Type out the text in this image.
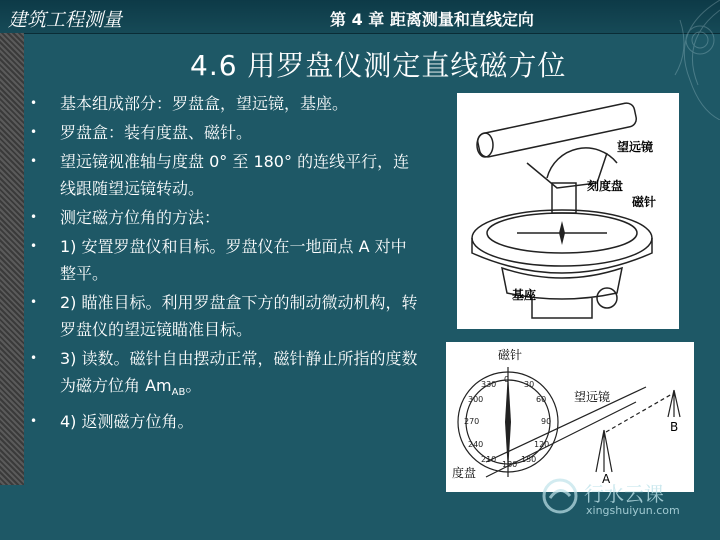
建筑工程测量	第 4 章 距离测量和直线定向
4.6 用罗盘仪测定直线磁方位
• 基本组成部分：罗盘盒，望远镜，基座。
• 罗盘盒：装有度盘、磁针。
• 望远镜视准轴与度盘 0° 至 180° 的连线平行，连线跟随望远镜转动。
• 测定磁方位角的方法：
• 1) 安置罗盘仪和目标。罗盘仪在一地面点 A 对中整平。
• 2) 瞄准目标。利用罗盘盒下方的制动微动机构，转罗盘仪的望远镜瞄准目标。
• 3) 读数。磁针自由摆动正常，磁针静止所指的度数为磁方位角 $Am_{AB}$。
• 4) 返测磁方位角。
望远镜
刻度盘
磁针
基座
0
30
60
90
120
150
180
210
240
270
300
330
磁针
望远镜
度盘	A
B
行水云课
xingshuiyun.com
